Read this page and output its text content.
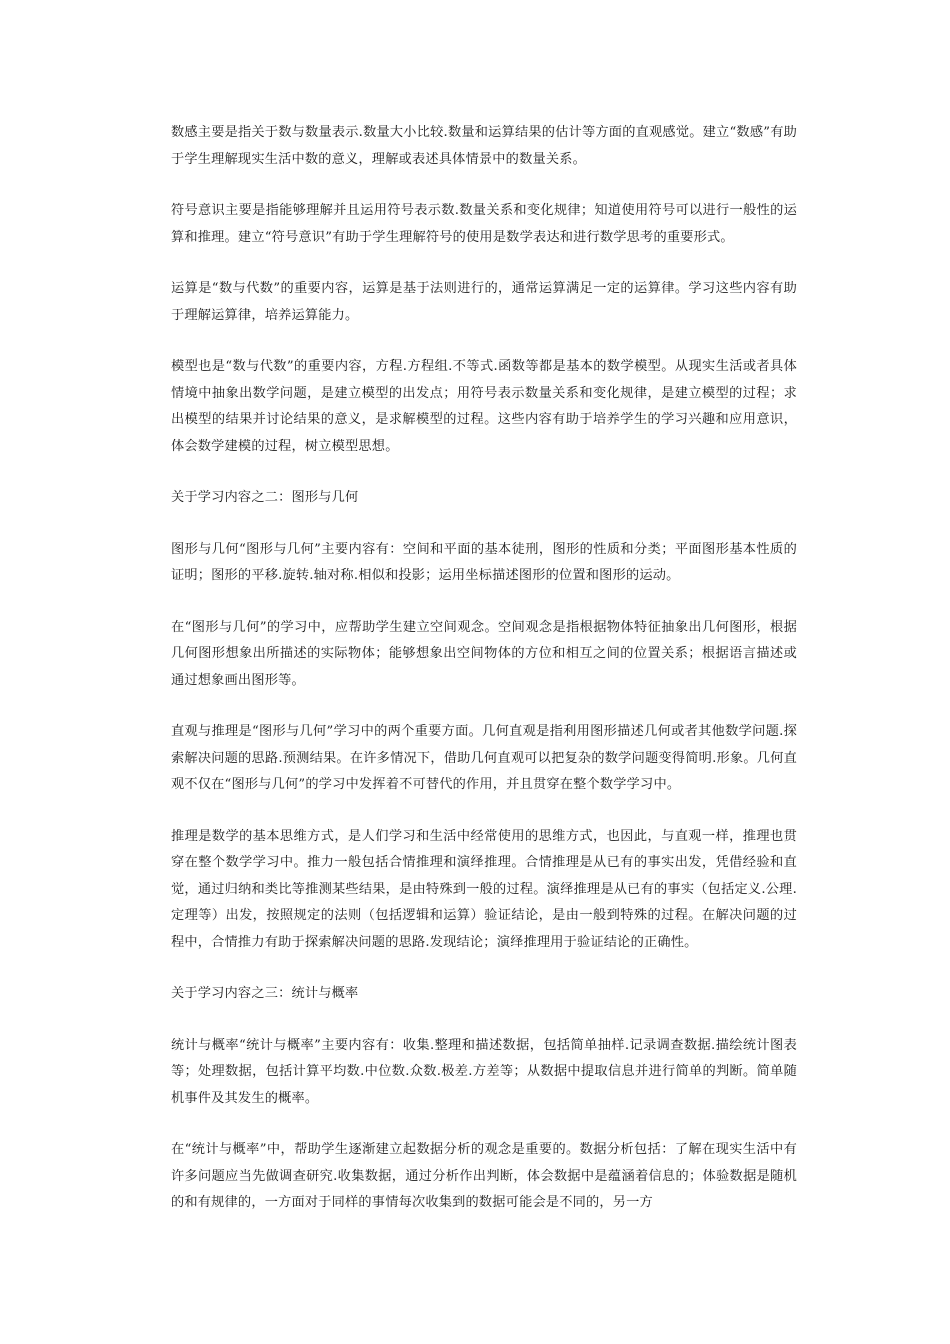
数感主要是指关于数与数量表示.数量大小比较.数量和运算结果的估计等方面的直观感觉。建立“数感”有助于学生理解现实生活中数的意义，理解或表述具体情景中的数量关系。

符号意识主要是指能够理解并且运用符号表示数.数量关系和变化规律；知道使用符号可以进行一般性的运算和推理。建立“符号意识”有助于学生理解符号的使用是数学表达和进行数学思考的重要形式。

运算是“数与代数”的重要内容，运算是基于法则进行的，通常运算满足一定的运算律。学习这些内容有助于理解运算律，培养运算能力。

模型也是“数与代数”的重要内容，方程.方程组.不等式.函数等都是基本的数学模型。从现实生活或者具体情境中抽象出数学问题，是建立模型的出发点；用符号表示数量关系和变化规律，是建立模型的过程；求出模型的结果并讨论结果的意义，是求解模型的过程。这些内容有助于培养学生的学习兴趣和应用意识，体会数学建模的过程，树立模型思想。

关于学习内容之二：图形与几何

图形与几何“图形与几何”主要内容有：空间和平面的基本徒刑，图形的性质和分类；平面图形基本性质的证明；图形的平移.旋转.轴对称.相似和投影；运用坐标描述图形的位置和图形的运动。

在“图形与几何”的学习中，应帮助学生建立空间观念。空间观念是指根据物体特征抽象出几何图形，根据几何图形想象出所描述的实际物体；能够想象出空间物体的方位和相互之间的位置关系；根据语言描述或通过想象画出图形等。

直观与推理是“图形与几何”学习中的两个重要方面。几何直观是指利用图形描述几何或者其他数学问题.探索解决问题的思路.预测结果。在许多情况下，借助几何直观可以把复杂的数学问题变得简明.形象。几何直观不仅在“图形与几何”的学习中发挥着不可替代的作用，并且贯穿在整个数学学习中。

推理是数学的基本思维方式，是人们学习和生活中经常使用的思维方式，也因此，与直观一样，推理也贯穿在整个数学学习中。推力一般包括合情推理和演绎推理。合情推理是从已有的事实出发，凭借经验和直觉，通过归纳和类比等推测某些结果，是由特殊到一般的过程。演绎推理是从已有的事实（包括定义.公理.定理等）出发，按照规定的法则（包括逻辑和运算）验证结论，是由一般到特殊的过程。在解决问题的过程中，合情推力有助于探索解决问题的思路.发现结论；演绎推理用于验证结论的正确性。

关于学习内容之三：统计与概率

统计与概率“统计与概率”主要内容有：收集.整理和描述数据，包括简单抽样.记录调查数据.描绘统计图表等；处理数据，包括计算平均数.中位数.众数.极差.方差等；从数据中提取信息并进行简单的判断。简单随机事件及其发生的概率。

在“统计与概率”中，帮助学生逐渐建立起数据分析的观念是重要的。数据分析包括：了解在现实生活中有许多问题应当先做调查研究.收集数据，通过分析作出判断，体会数据中是蕴涵着信息的；体验数据是随机的和有规律的，一方面对于同样的事情每次收集到的数据可能会是不同的，另一方
